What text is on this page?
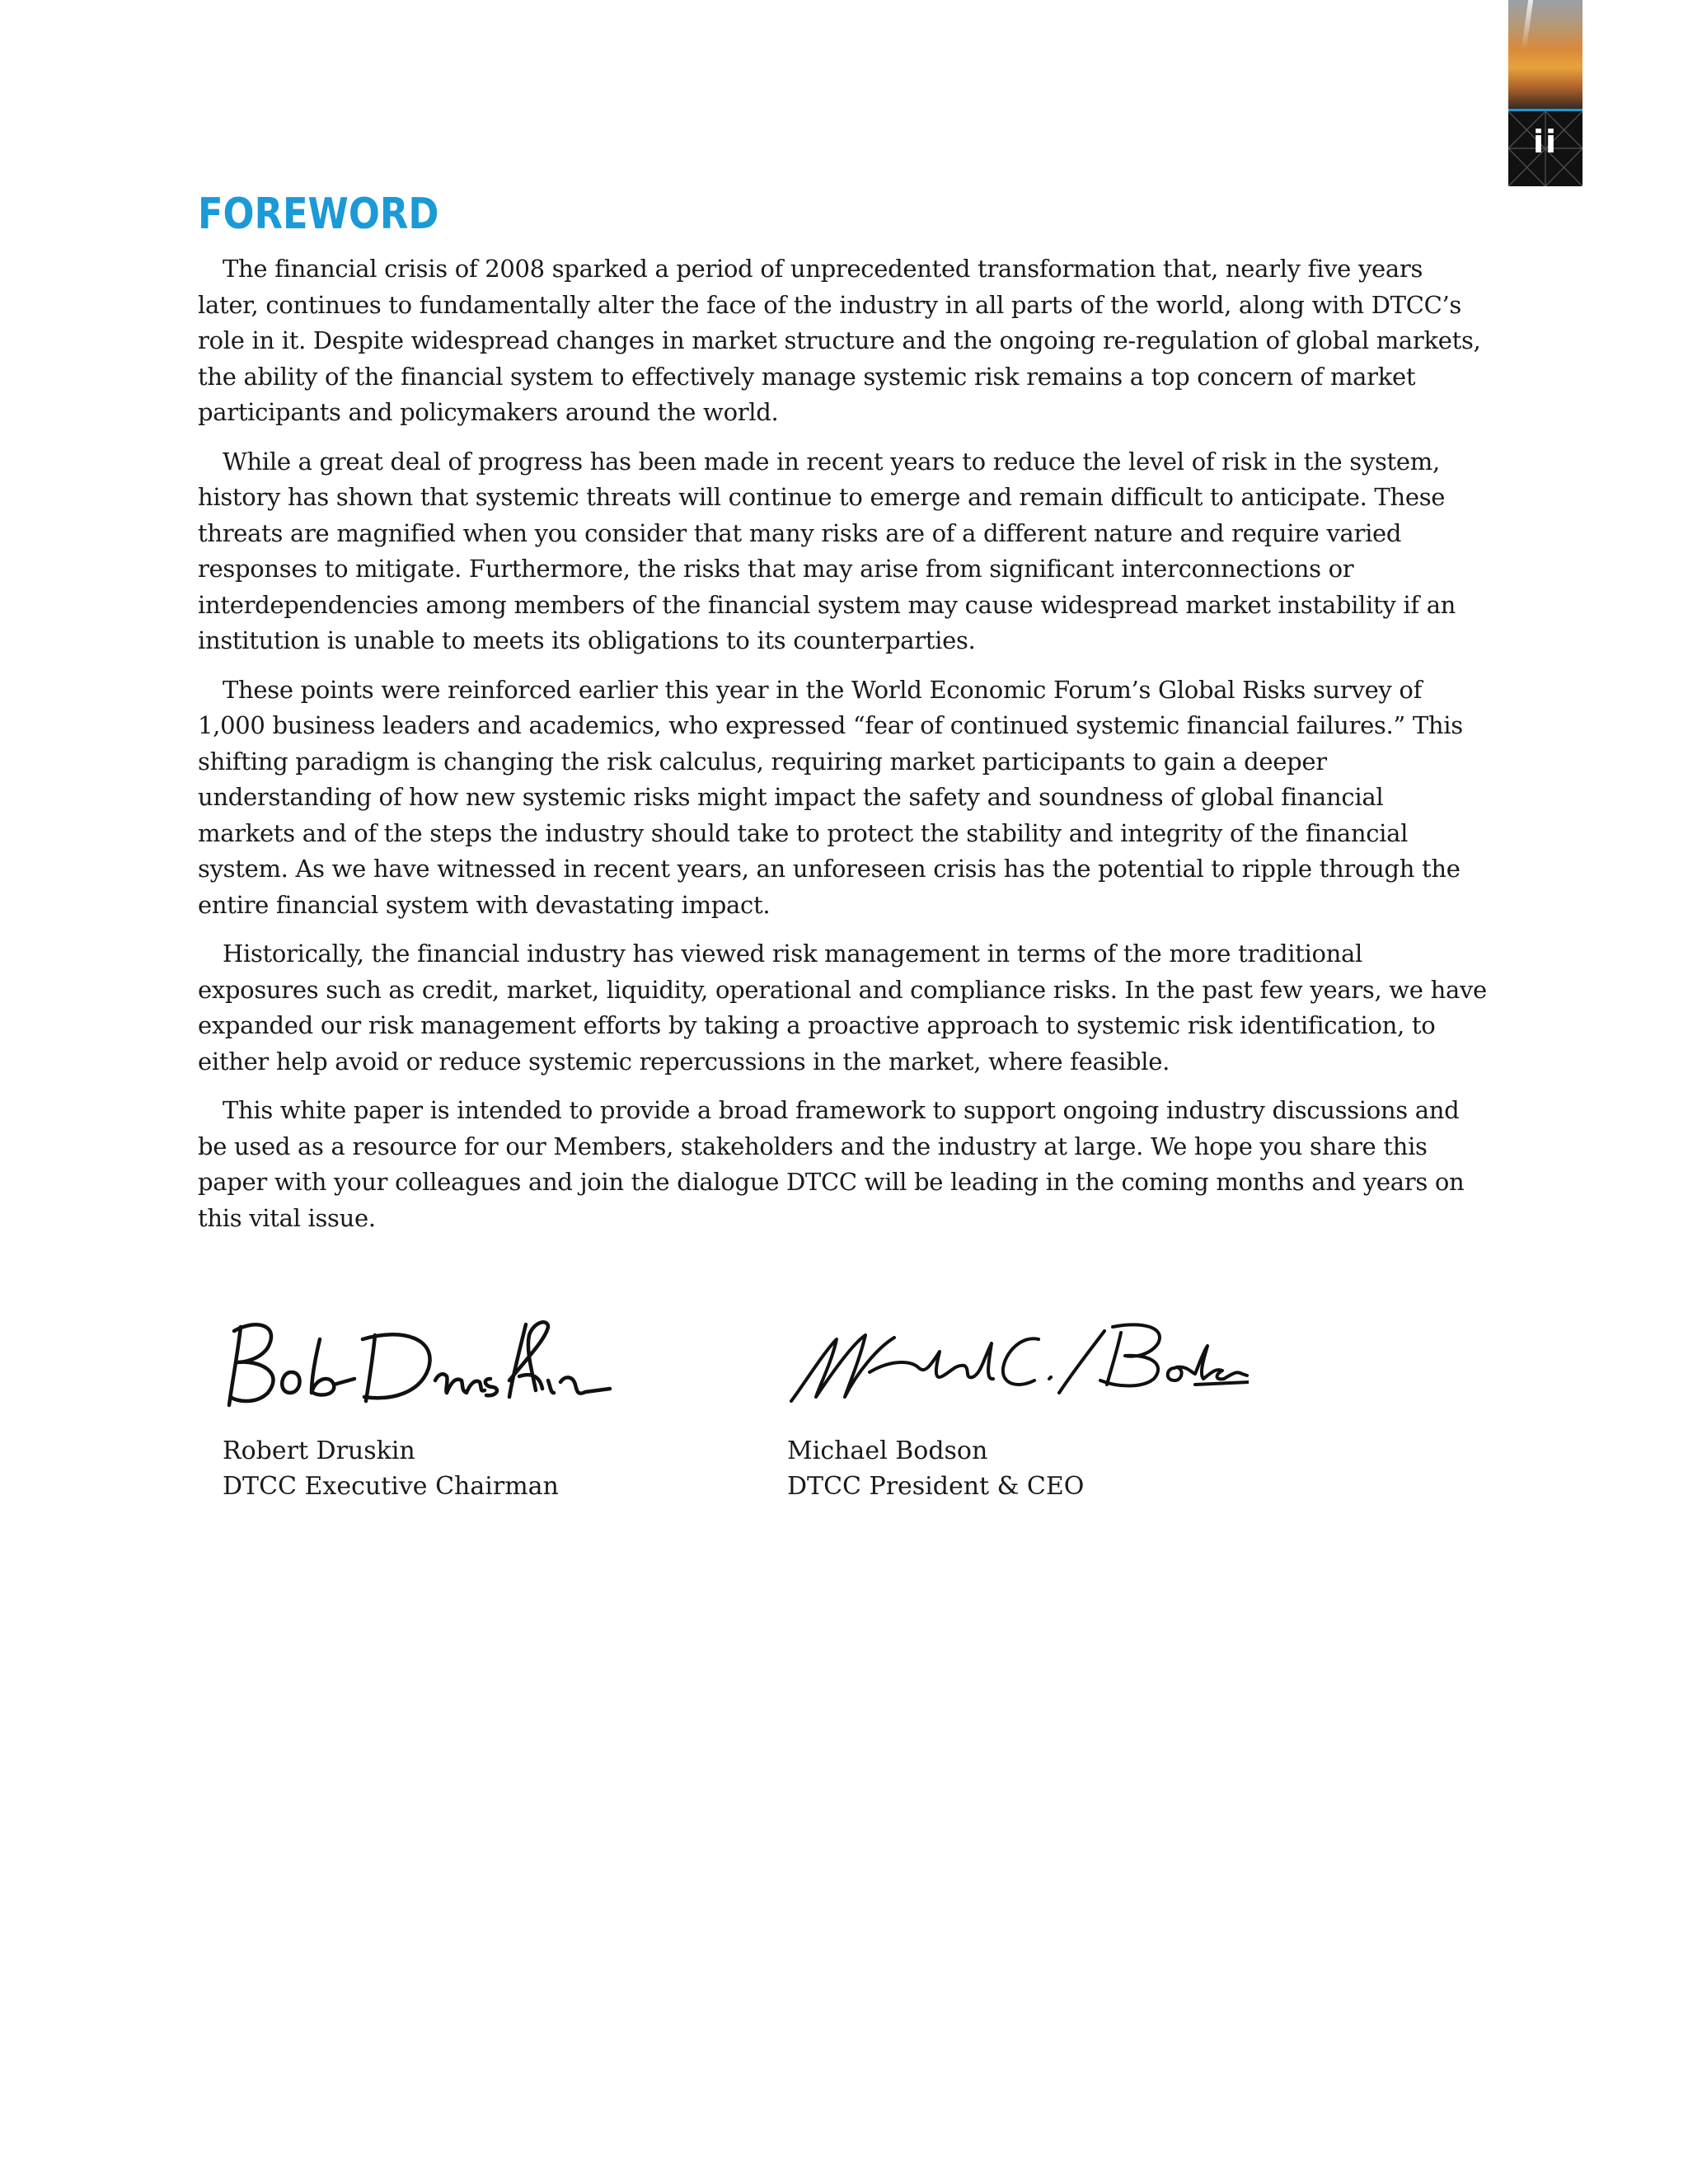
ii
FOREWORD

The financial crisis of 2008 sparked a period of unprecedented transformation that, nearly five years later, continues to fundamentally alter the face of the industry in all parts of the world, along with DTCC’s role in it. Despite widespread changes in market structure and the ongoing re-regulation of global markets, the ability of the financial system to effectively manage systemic risk remains a top concern of market participants and policymakers around the world.

While a great deal of progress has been made in recent years to reduce the level of risk in the system, history has shown that systemic threats will continue to emerge and remain difficult to anticipate. These threats are magnified when you consider that many risks are of a different nature and require varied responses to mitigate. Furthermore, the risks that may arise from significant interconnections or interdependencies among members of the financial system may cause widespread market instability if an institution is unable to meets its obligations to its counterparties.

These points were reinforced earlier this year in the World Economic Forum’s Global Risks survey of 1,000 business leaders and academics, who expressed “fear of continued systemic financial failures.” This shifting paradigm is changing the risk calculus, requiring market participants to gain a deeper understanding of how new systemic risks might impact the safety and soundness of global financial markets and of the steps the industry should take to protect the stability and integrity of the financial system. As we have witnessed in recent years, an unforeseen crisis has the potential to ripple through the entire financial system with devastating impact.

Historically, the financial industry has viewed risk management in terms of the more traditional exposures such as credit, market, liquidity, operational and compliance risks. In the past few years, we have expanded our risk management efforts by taking a proactive approach to systemic risk identification, to either help avoid or reduce systemic repercussions in the market, where feasible.

This white paper is intended to provide a broad framework to support ongoing industry discussions and be used as a resource for our Members, stakeholders and the industry at large. We hope you share this paper with your colleagues and join the dialogue DTCC will be leading in the coming months and years on this vital issue.

Robert Druskin
DTCC Executive Chairman
Michael Bodson
DTCC President & CEO
